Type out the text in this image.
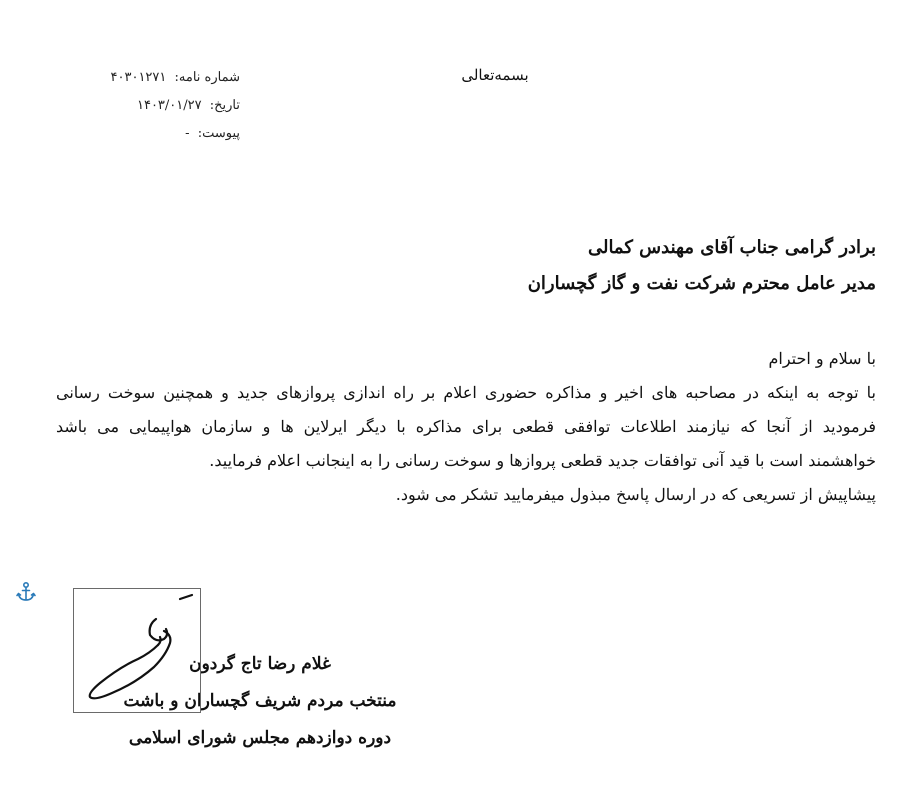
بسمه‌تعالی
شماره نامه: ۴۰۳۰۱۲۷۱
تاریخ: ۱۴۰۳/۰۱/۲۷
پیوست: -
برادر گرامی جناب آقای مهندس کمالی
مدیر عامل محترم شرکت نفت و گاز گچساران
با سلام و احترام
با توجه به اینکه در مصاحبه های اخیر و مذاکره حضوری اعلام بر راه اندازی پروازهای جدید و همچنین سوخت رسانی
فرمودید از آنجا که نیازمند اطلاعات توافقی قطعی برای مذاکره با دیگر ایرلاین ها و سازمان هواپیمایی می باشد
خواهشمند است با قید آنی توافقات جدید قطعی پروازها و سوخت رسانی را به اینجانب اعلام فرمایید.
پیشاپیش از تسریعی که در ارسال پاسخ مبذول میفرمایید تشکر می شود.
غلام رضا تاج گردون
منتخب مردم شریف گچساران و باشت
دوره دوازدهم مجلس شورای اسلامی
